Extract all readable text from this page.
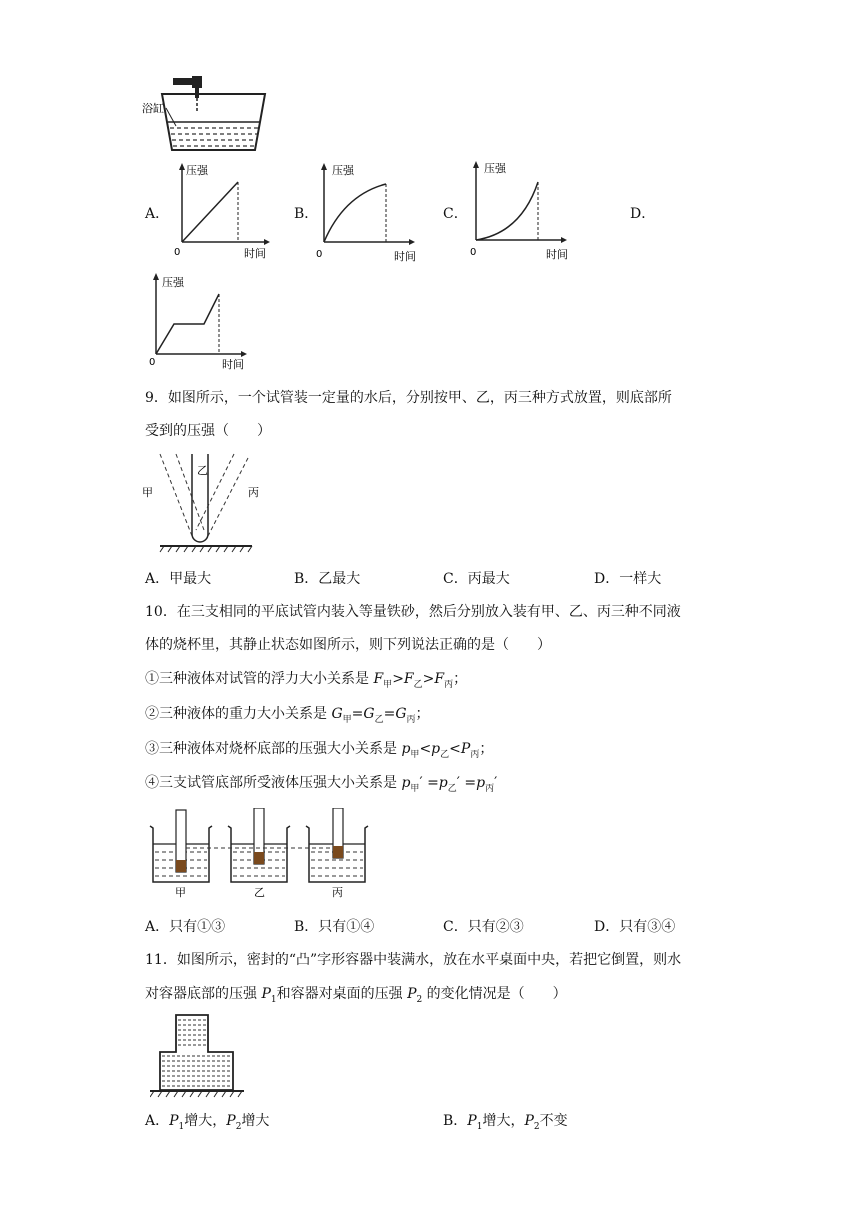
浴缸
A．	B．	C．	D．
压强
0	时间
压强
0	时间
压强
0	时间
压强
0	时间
9．如图所示，一个试管装一定量的水后，分别按甲、乙，丙三种方式放置，则底部所
受到的压强（　　）
甲
乙
丙
A．甲最大	B．乙最大	C．丙最大	D．一样大
10．在三支相同的平底试管内装入等量铁砂，然后分别放入装有甲、乙、丙三种不同液
体的烧杯里，其静止状态如图所示，则下列说法正确的是（　　）
①三种液体对试管的浮力大小关系是 $F_甲>F_乙>F_丙$；
②三种液体的重力大小关系是 $G_甲=G_乙=G_丙$；
③三种液体对烧杯底部的压强大小关系是 $p_甲<p_乙<P_丙$；
④三支试管底部所受液体压强大小关系是 $p_甲' =p_乙' =p_丙'$
甲	乙	丙
A．只有①③	B．只有①④	C．只有②③	D．只有③④
11．如图所示，密封的“凸”字形容器中装满水，放在水平桌面中央，若把它倒置，则水
对容器底部的压强 $P_1$和容器对桌面的压强 $P_2$ 的变化情况是（　　）
A．$P_1$增大，$P_2$增大	B．$P_1$增大，$P_2$不变
